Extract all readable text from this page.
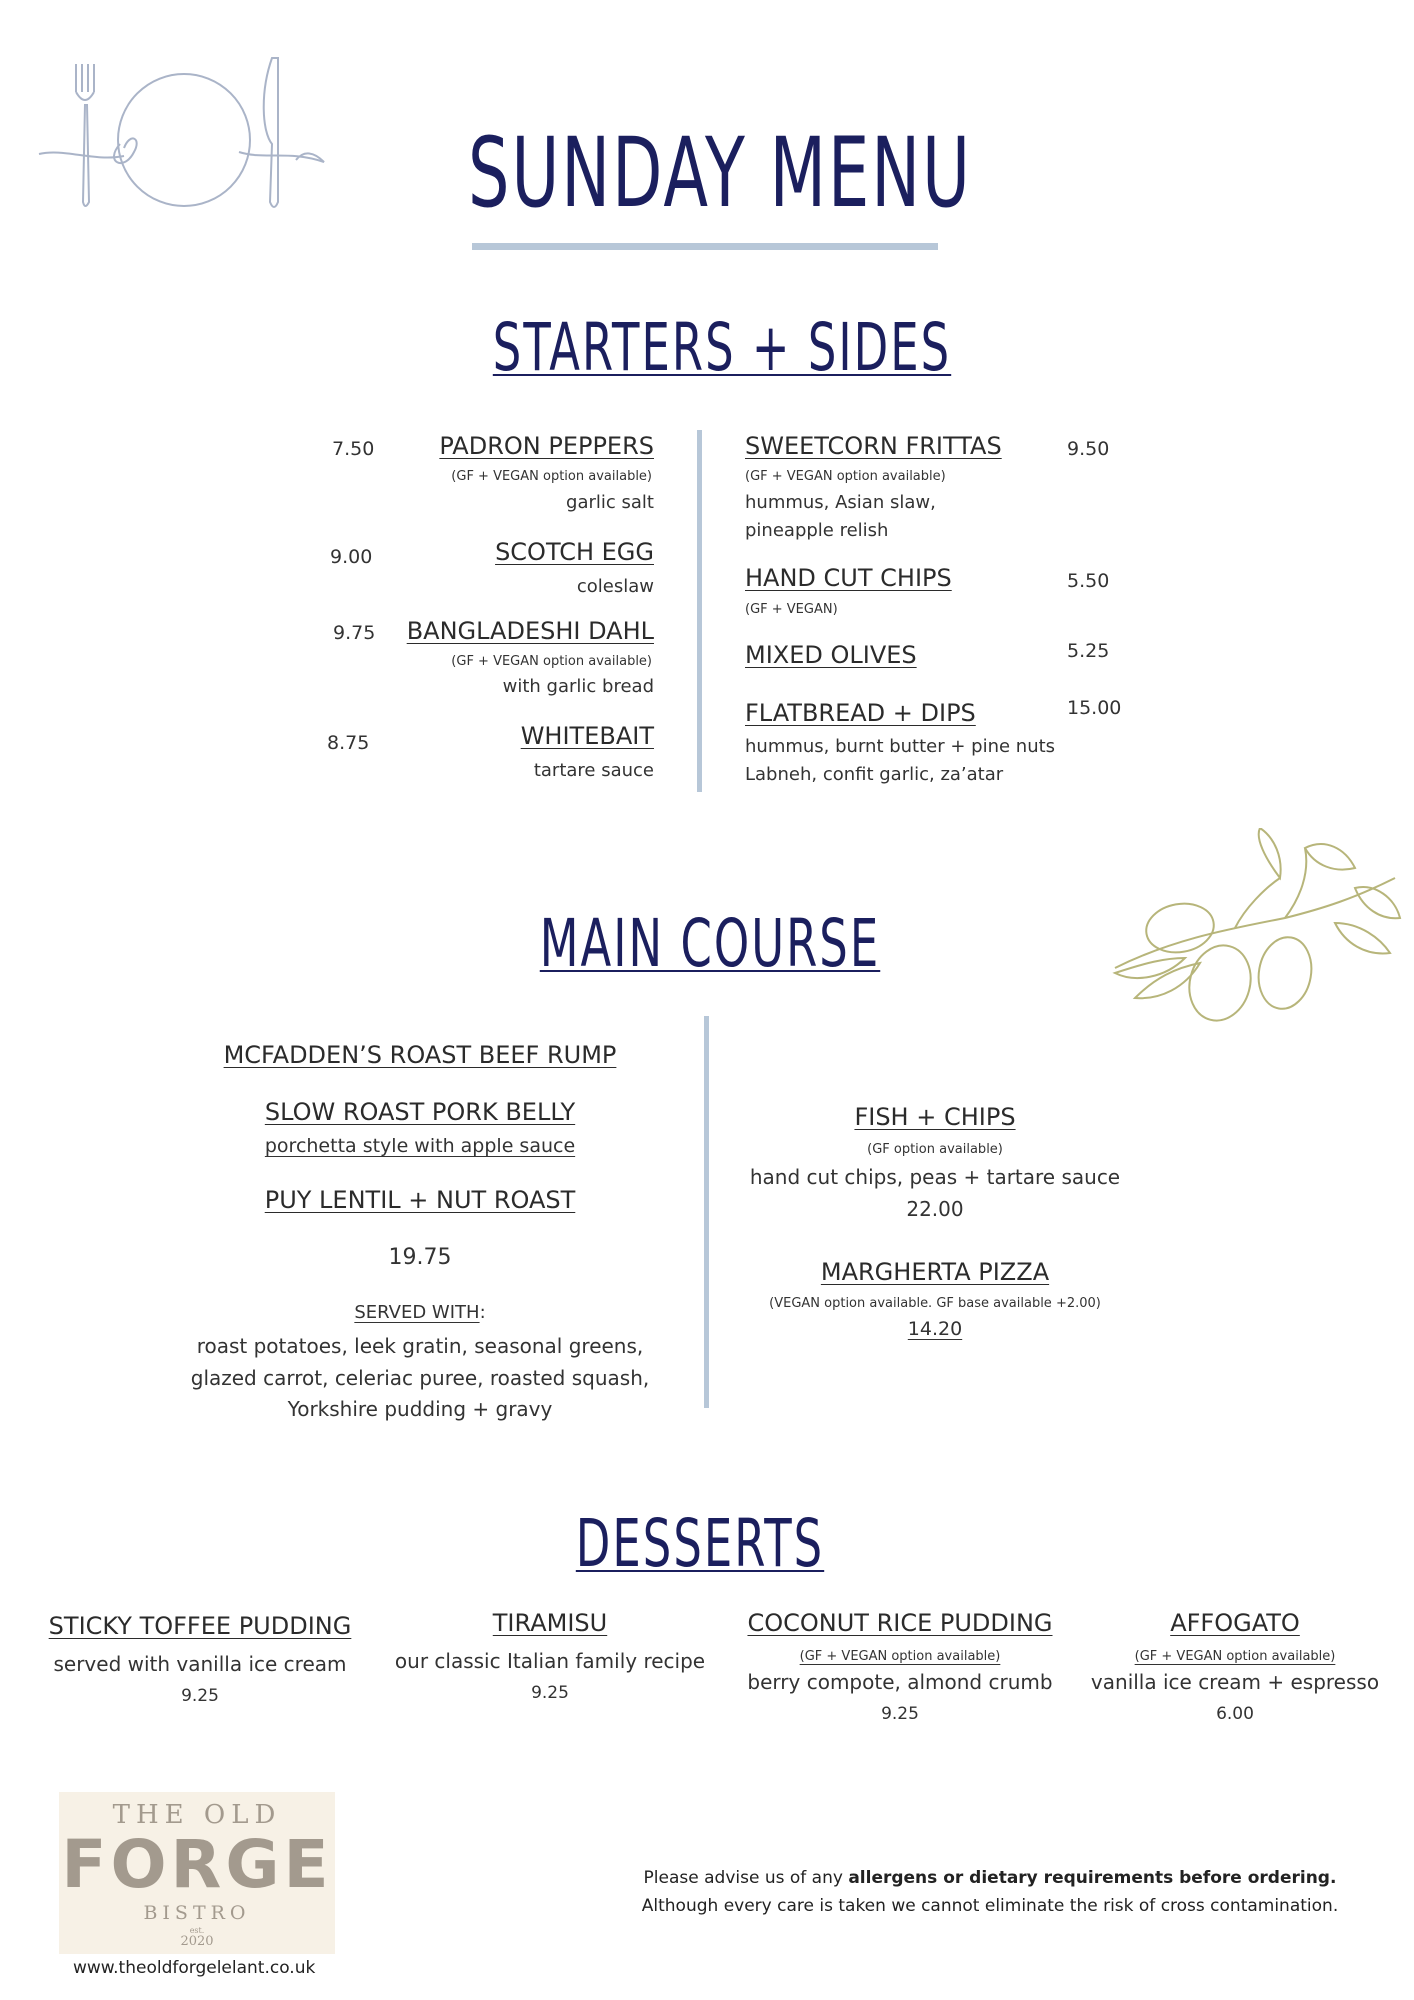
SUNDAY MENU
STARTERS + SIDES
7.50	PADRON PEPPERS
(GF + VEGAN option available)
garlic salt
9.00	SCOTCH EGG
coleslaw
9.75 BANGLADESHI DAHL
(GF + VEGAN option available)
with garlic bread
8.75	WHITEBAIT
tartare sauce
SWEETCORN FRITTAS	9.50
(GF + VEGAN option available)
hummus, Asian slaw,
pineapple relish
HAND CUT CHIPS	5.50
(GF + VEGAN)
MIXED OLIVES	5.25
FLATBREAD + DIPS	15.00
hummus, burnt butter + pine nuts
Labneh, confit garlic, za’atar
MAIN COURSE
MCFADDEN’S ROAST BEEF RUMP
SLOW ROAST PORK BELLY
porchetta style with apple sauce
PUY LENTIL + NUT ROAST
19.75
SERVED WITH:
roast potatoes, leek gratin, seasonal greens,
glazed carrot, celeriac puree, roasted squash,
Yorkshire pudding + gravy
FISH + CHIPS
(GF option available)
hand cut chips, peas + tartare sauce
22.00
MARGHERTA PIZZA
(VEGAN option available. GF base available +2.00)
14.20
DESSERTS
STICKY TOFFEE PUDDING
served with vanilla ice cream
9.25
TIRAMISU
our classic Italian family recipe
9.25
COCONUT RICE PUDDING
(GF + VEGAN option available)
berry compote, almond crumb
9.25
AFFOGATO
(GF + VEGAN option available)
vanilla ice cream + espresso
6.00
THE OLD
FORGE
BISTRO
est.
2020
www.theoldforgelelant.co.uk
Please advise us of any allergens or dietary requirements before ordering.
Although every care is taken we cannot eliminate the risk of cross contamination.
